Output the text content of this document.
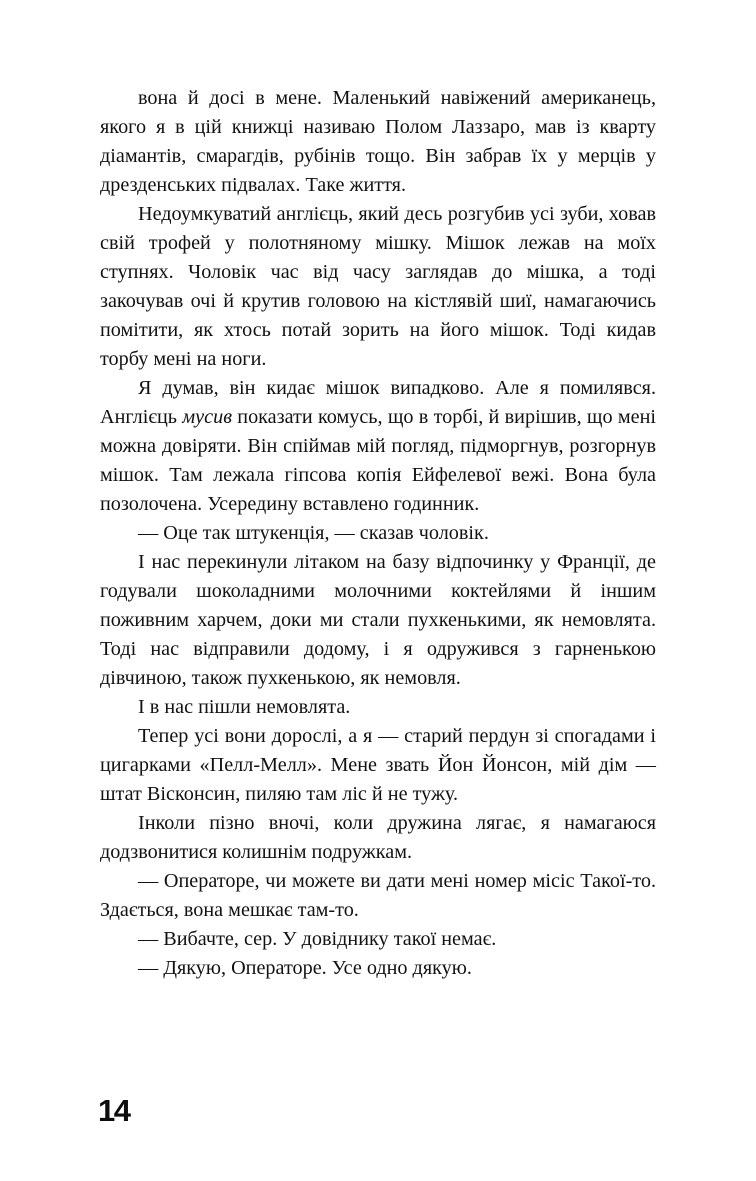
вона й досі в мене. Маленький навіжений американець, якого я в цій книжці називаю Полом Лаззаро, мав із кварту діамантів, смарагдів, рубінів тощо. Він забрав їх у мерців у дрезденських підвалах. Таке життя.

Недоумкуватий англієць, який десь розгубив усі зуби, ховав свій трофей у полотняному мішку. Мішок лежав на моїх ступнях. Чоловік час від часу заглядав до мішка, а тоді закочував очі й крутив головою на кістлявій шиї, намагаючись помітити, як хтось потай зорить на його мішок. Тоді кидав торбу мені на ноги.

Я думав, він кидає мішок випадково. Але я помилявся. Англієць мусив показати комусь, що в торбі, й вирішив, що мені можна довіряти. Він спіймав мій погляд, підморгнув, розгорнув мішок. Там лежала гіпсова копія Ейфелевої вежі. Вона була позолочена. Усередину вставлено годинник.

— Оце так штукенція, — сказав чоловік.

І нас перекинули літаком на базу відпочинку у Франції, де годували шоколадними молочними коктейлями й іншим поживним харчем, доки ми стали пухкенькими, як немовлята. Тоді нас відправили додому, і я одружився з гарненькою дівчиною, також пухкенькою, як немовля.

І в нас пішли немовлята.

Тепер усі вони дорослі, а я — старий пердун зі спогадами і цигарками «Пелл-Мелл». Мене звать Йон Йонсон, мій дім — штат Вісконсин, пиляю там ліс й не тужу.

Інколи пізно вночі, коли дружина лягає, я намагаюся додзвонитися колишнім подружкам.

— Операторе, чи можете ви дати мені номер місіс Такої-то. Здається, вона мешкає там-то.

— Вибачте, сер. У довіднику такої немає.

— Дякую, Операторе. Усе одно дякую.

14
